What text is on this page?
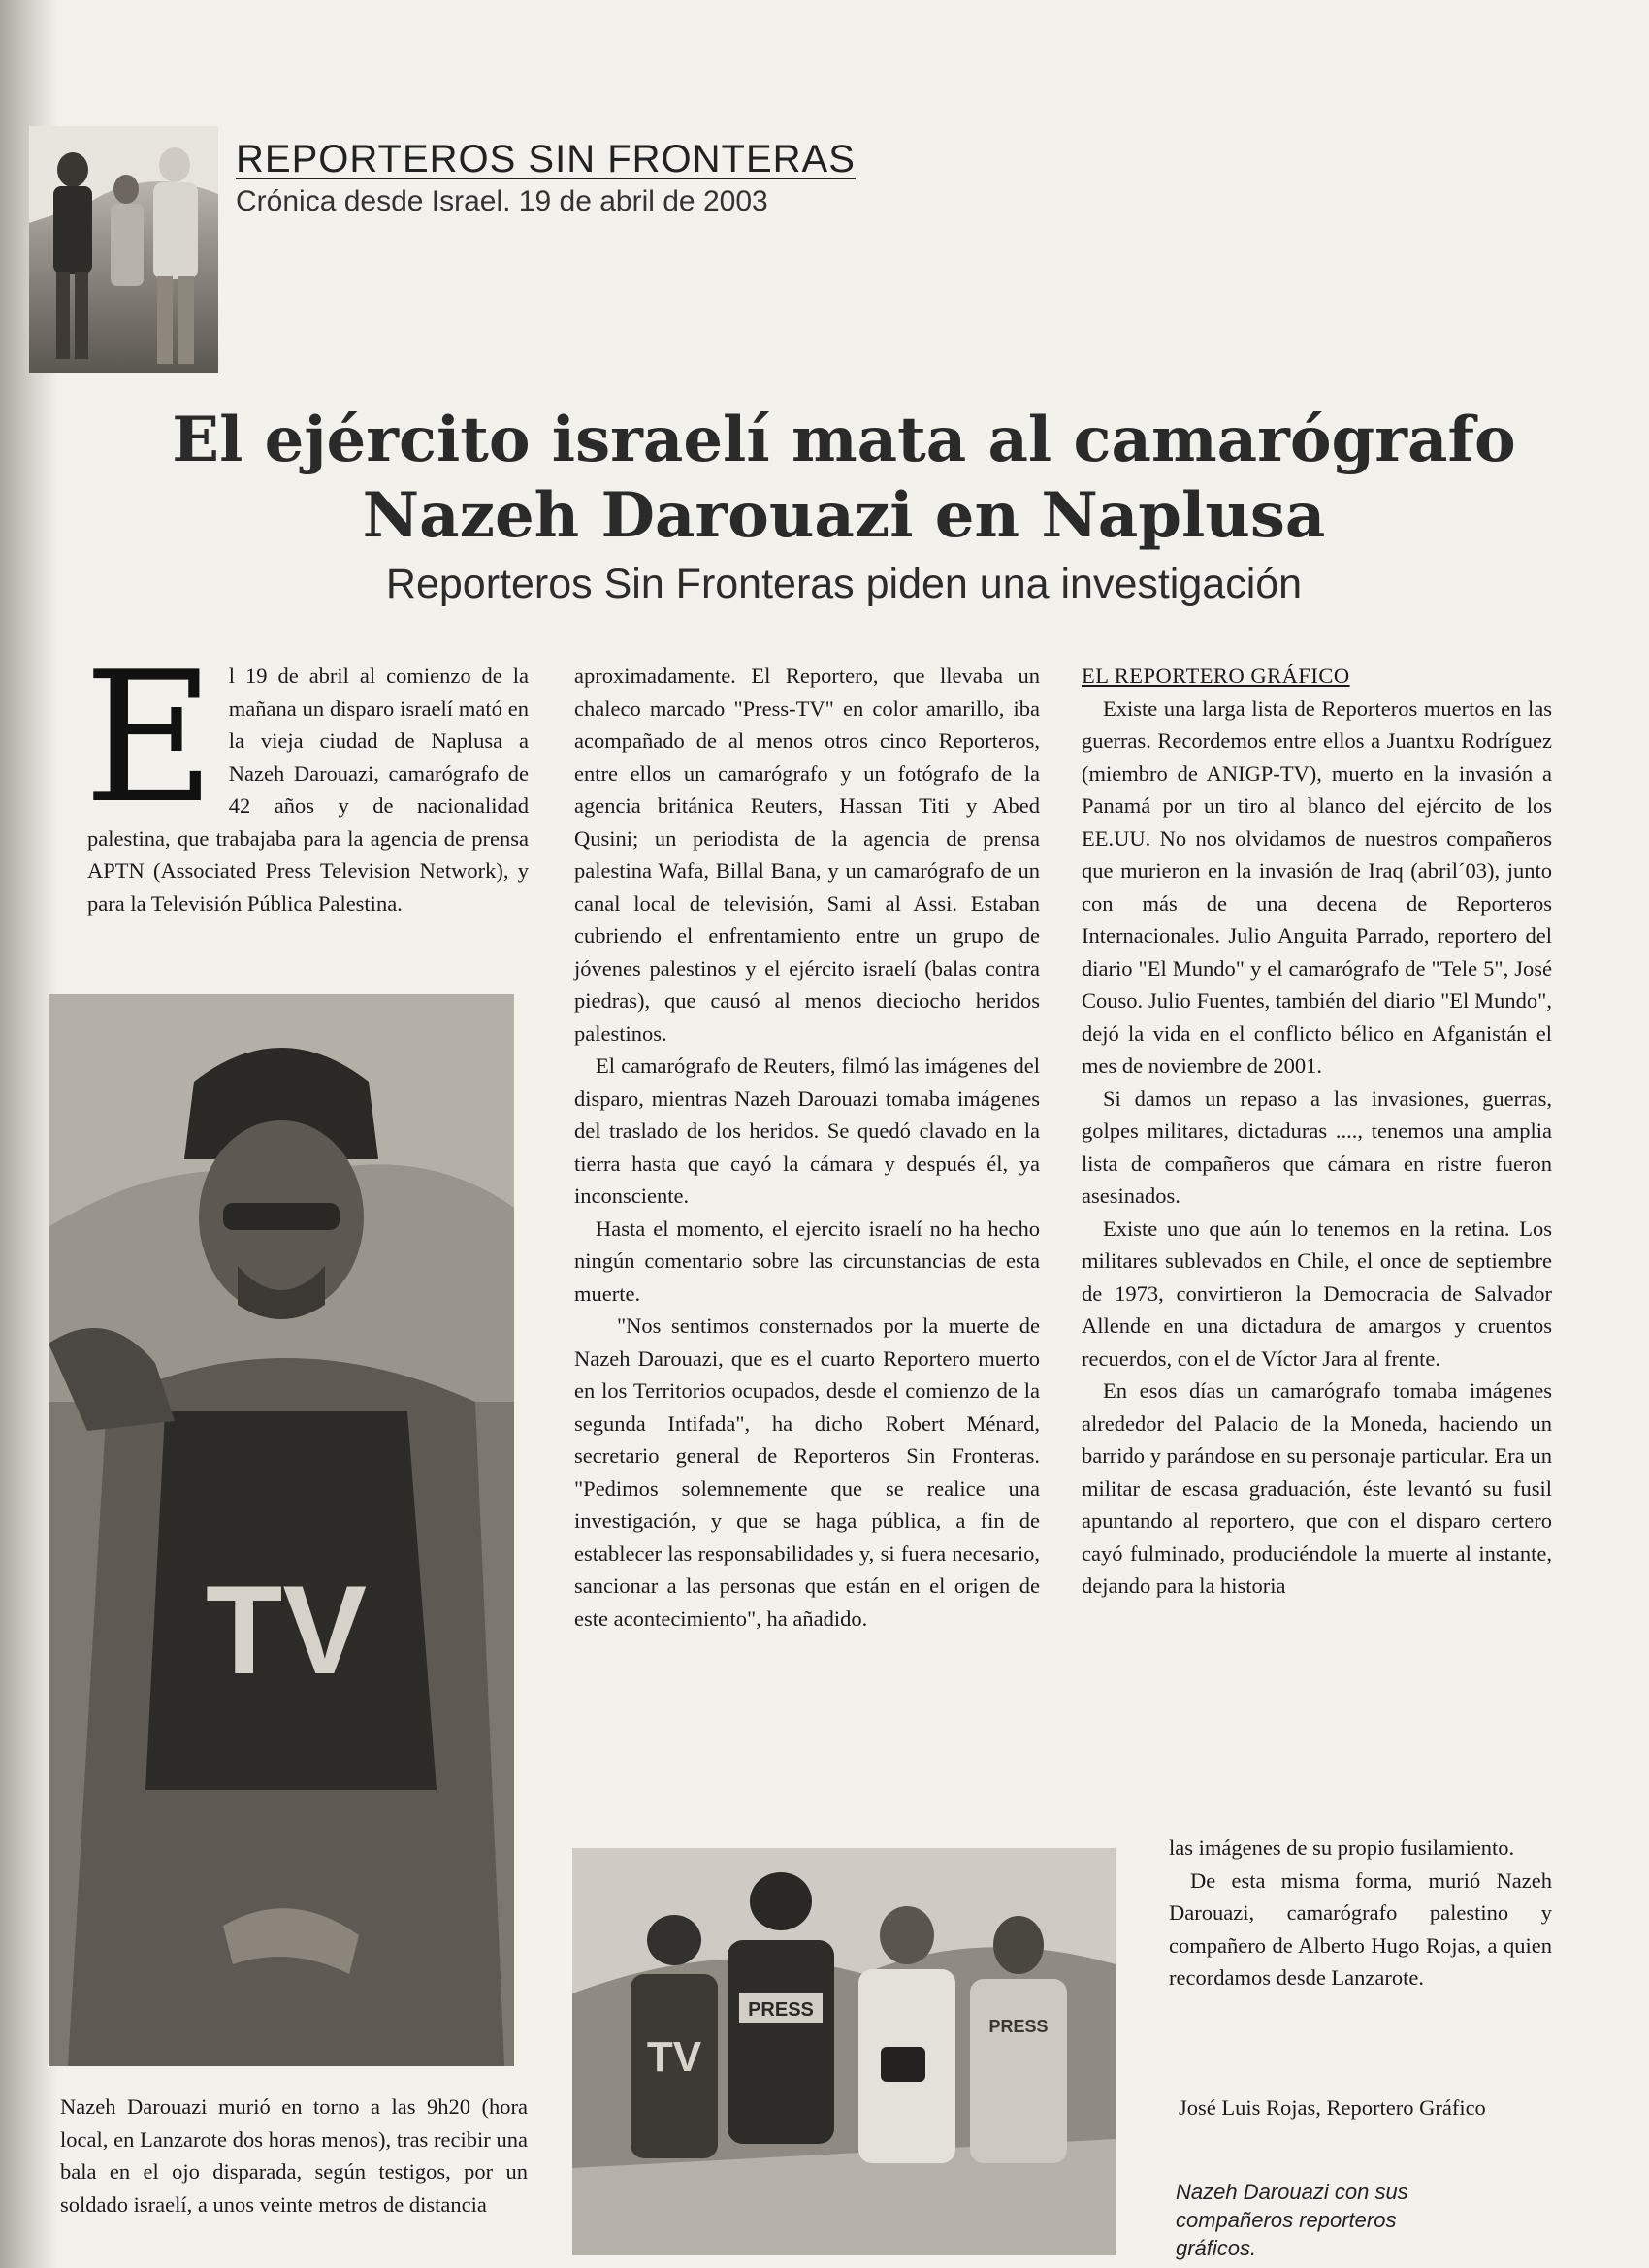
REPORTEROS SIN FRONTERAS
Crónica desde Israel. 19 de abril de 2003
El ejército israelí mata al camarógrafo
Nazeh Darouazi en Naplusa
Reporteros Sin Fronteras piden una investigación

El 19 de abril al comienzo de la mañana un disparo israelí mató en la vieja ciudad de Naplusa a Nazeh Darouazi, camarógrafo de 42 años y de nacionalidad palestina, que trabajaba para la agencia de prensa APTN (Associated Press Television Network), y para la Televisión Pública Palestina.

TV
Nazeh Darouazi murió en torno a las 9h20 (hora local, en Lanzarote dos horas menos), tras recibir una bala en el ojo disparada, según testigos, por un soldado israelí, a unos veinte metros de distancia

aproximadamente. El Reportero, que llevaba un chaleco marcado "Press-TV" en color amarillo, iba acompañado de al menos otros cinco Reporteros, entre ellos un camarógrafo y un fotógrafo de la agencia británica Reuters, Hassan Titi y Abed Qusini; un periodista de la agencia de prensa palestina Wafa, Billal Bana, y un camarógrafo de un canal local de televisión, Sami al Assi. Estaban cubriendo el enfrentamiento entre un grupo de jóvenes palestinos y el ejército israelí (balas contra piedras), que causó al menos dieciocho heridos palestinos.

El camarógrafo de Reuters, filmó las imágenes del disparo, mientras Nazeh Darouazi tomaba imágenes del traslado de los heridos. Se quedó clavado en la tierra hasta que cayó la cámara y después él, ya inconsciente.

Hasta el momento, el ejercito israelí no ha hecho ningún comentario sobre las circunstancias de esta muerte.

"Nos sentimos consternados por la muerte de Nazeh Darouazi, que es el cuarto Reportero muerto en los Territorios ocupados, desde el comienzo de la segunda Intifada", ha dicho Robert Ménard, secretario general de Reporteros Sin Fronteras. "Pedimos solemnemente que se realice una investigación, y que se haga pública, a fin de establecer las responsabilidades y, si fuera necesario, sancionar a las personas que están en el origen de este acontecimiento", ha añadido.

TV
PRESS
PRESS

EL REPORTERO GRÁFICO

Existe una larga lista de Reporteros muertos en las guerras. Recordemos entre ellos a Juantxu Rodríguez (miembro de ANIGP-TV), muerto en la invasión a Panamá por un tiro al blanco del ejército de los EE.UU. No nos olvidamos de nuestros compañeros que murieron en la invasión de Iraq (abril´03), junto con más de una decena de Reporteros Internacionales. Julio Anguita Parrado, reportero del diario "El Mundo" y el camarógrafo de "Tele 5", José Couso. Julio Fuentes, también del diario "El Mundo", dejó la vida en el conflicto bélico en Afganistán el mes de noviembre de 2001.

Si damos un repaso a las invasiones, guerras, golpes militares, dictaduras ...., tenemos una amplia lista de compañeros que cámara en ristre fueron asesinados.

Existe uno que aún lo tenemos en la retina. Los militares sublevados en Chile, el once de septiembre de 1973, convirtieron la Democracia de Salvador Allende en una dictadura de amargos y cruentos recuerdos, con el de Víctor Jara al frente.

En esos días un camarógrafo tomaba imágenes alrededor del Palacio de la Moneda, haciendo un barrido y parándose en su personaje particular. Era un militar de escasa graduación, éste levantó su fusil apuntando al reportero, que con el disparo certero cayó fulminado, produciéndole la muerte al instante, dejando para la historia

las imágenes de su propio fusilamiento.

De esta misma forma, murió Nazeh Darouazi, camarógrafo palestino y compañero de Alberto Hugo Rojas, a quien recordamos desde Lanzarote.

José Luis Rojas, Reportero Gráfico
Nazeh Darouazi con sus compañeros reporteros gráficos.
